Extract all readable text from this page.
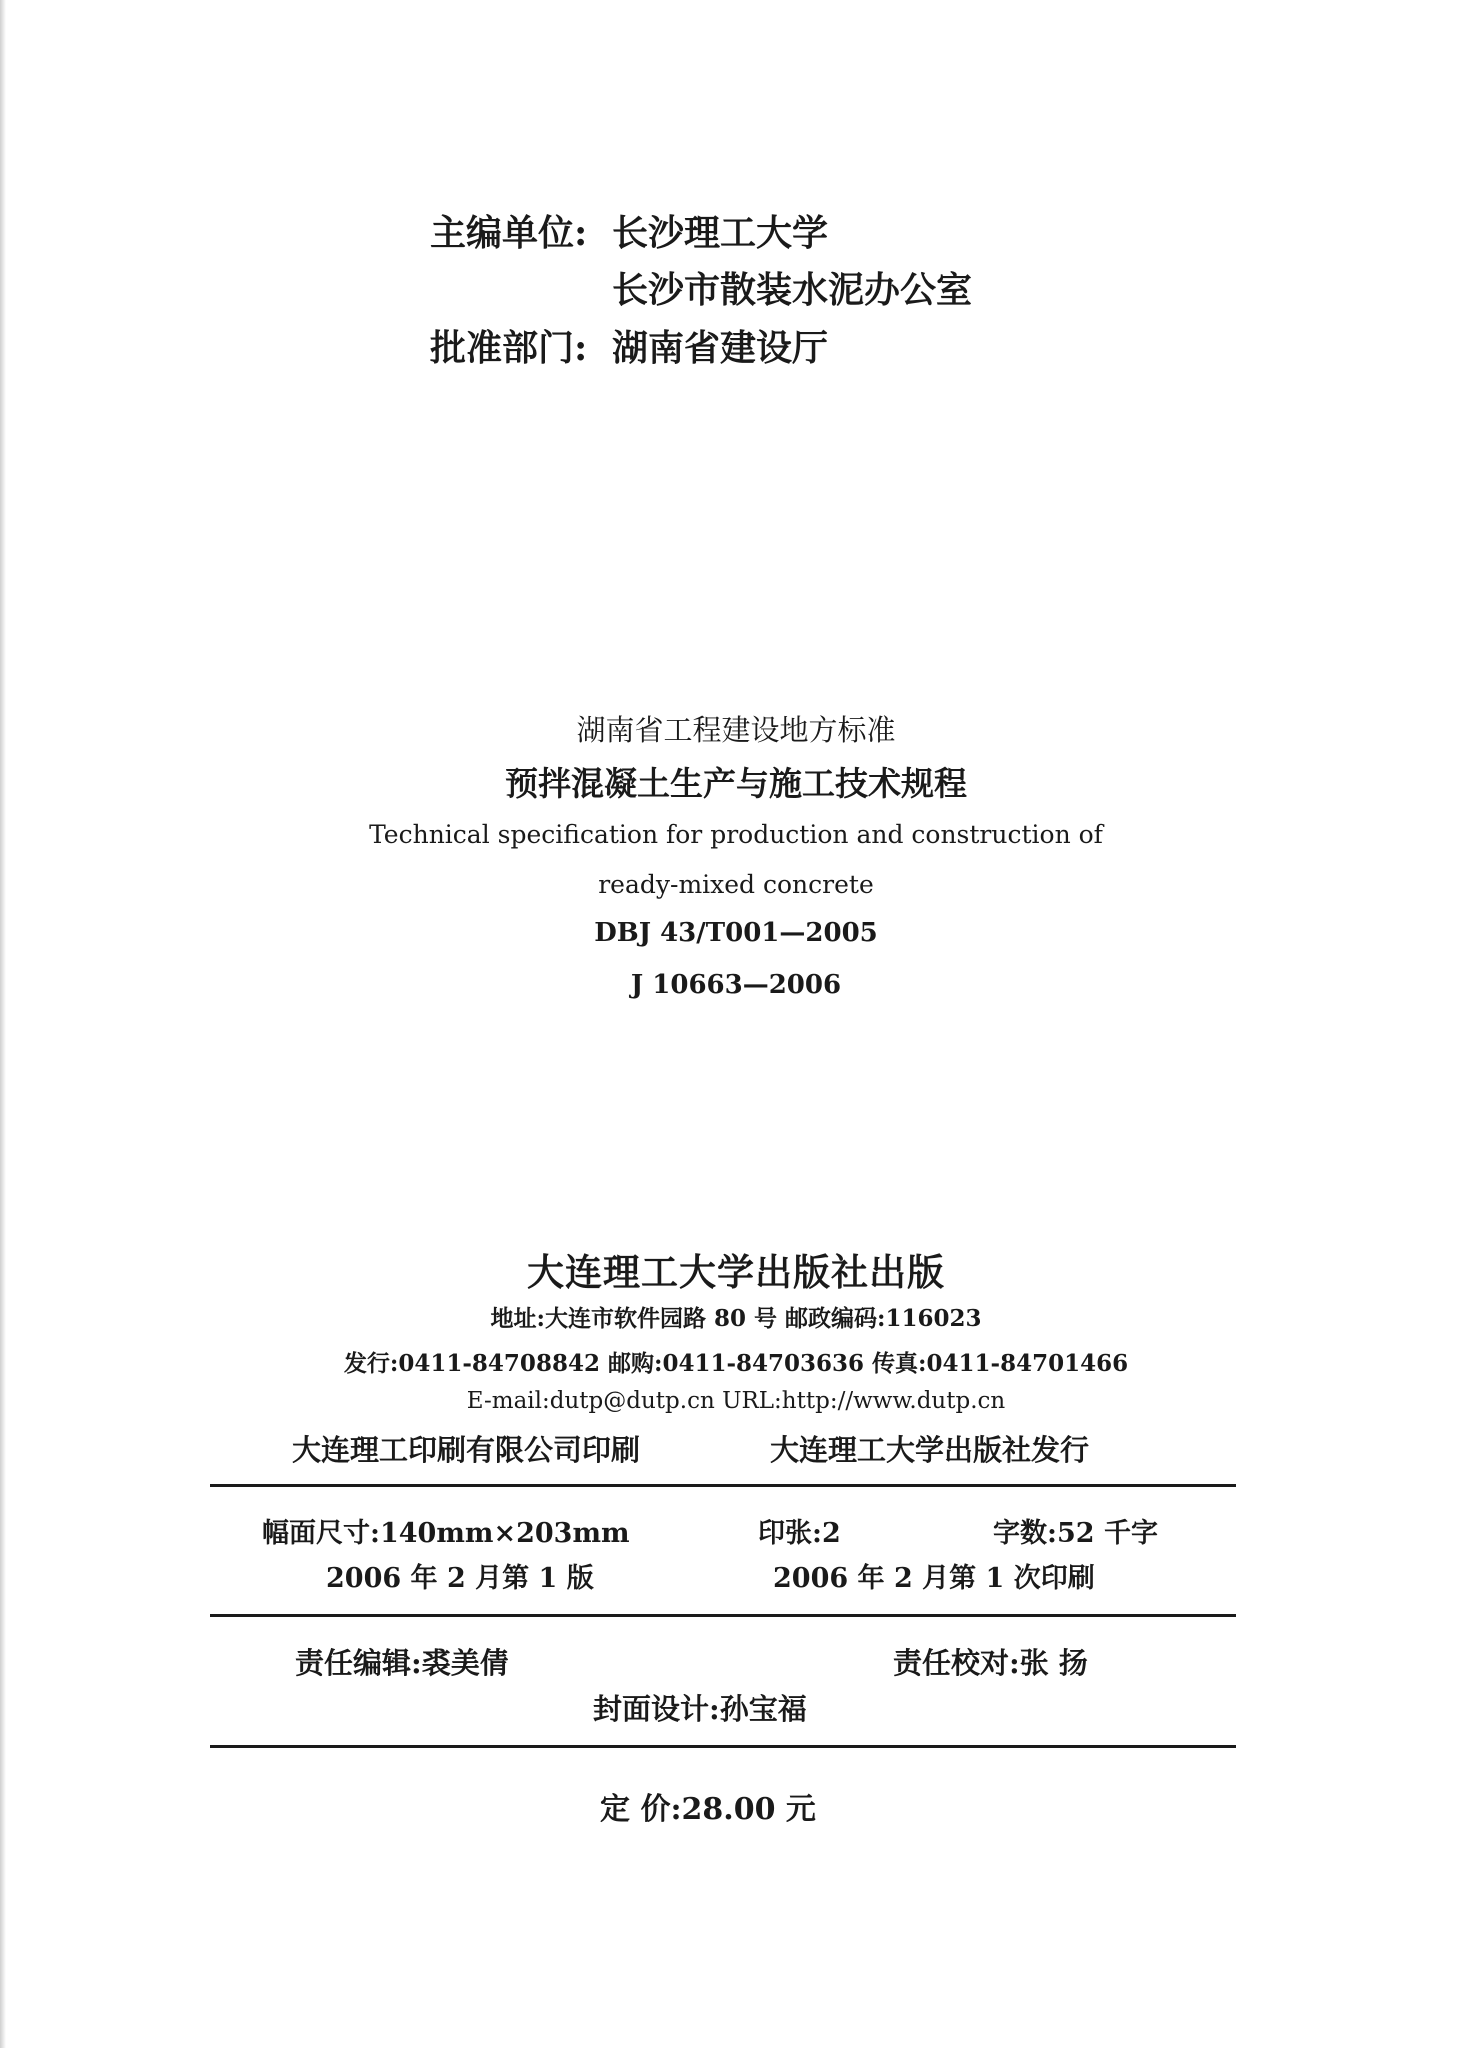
主编单位: 长沙理工大学
长沙市散装水泥办公室
批准部门: 湖南省建设厅
湖南省工程建设地方标准
预拌混凝土生产与施工技术规程
Technical specification for production and construction of
ready-mixed concrete
DBJ 43/T001—2005
J 10663—2006
大连理工大学出版社出版
地址:大连市软件园路 80 号 邮政编码:116023
发行:0411-84708842 邮购:0411-84703636 传真:0411-84701466
E-mail:dutp@dutp.cn URL:http://www.dutp.cn
大连理工印刷有限公司印刷	大连理工大学出版社发行
幅面尺寸:140mm×203mm	印张:2	字数:52 千字
2006 年 2 月第 1 版	2006 年 2 月第 1 次印刷
责任编辑:裘美倩	责任校对:张 扬
封面设计:孙宝福
定 价:28.00 元
